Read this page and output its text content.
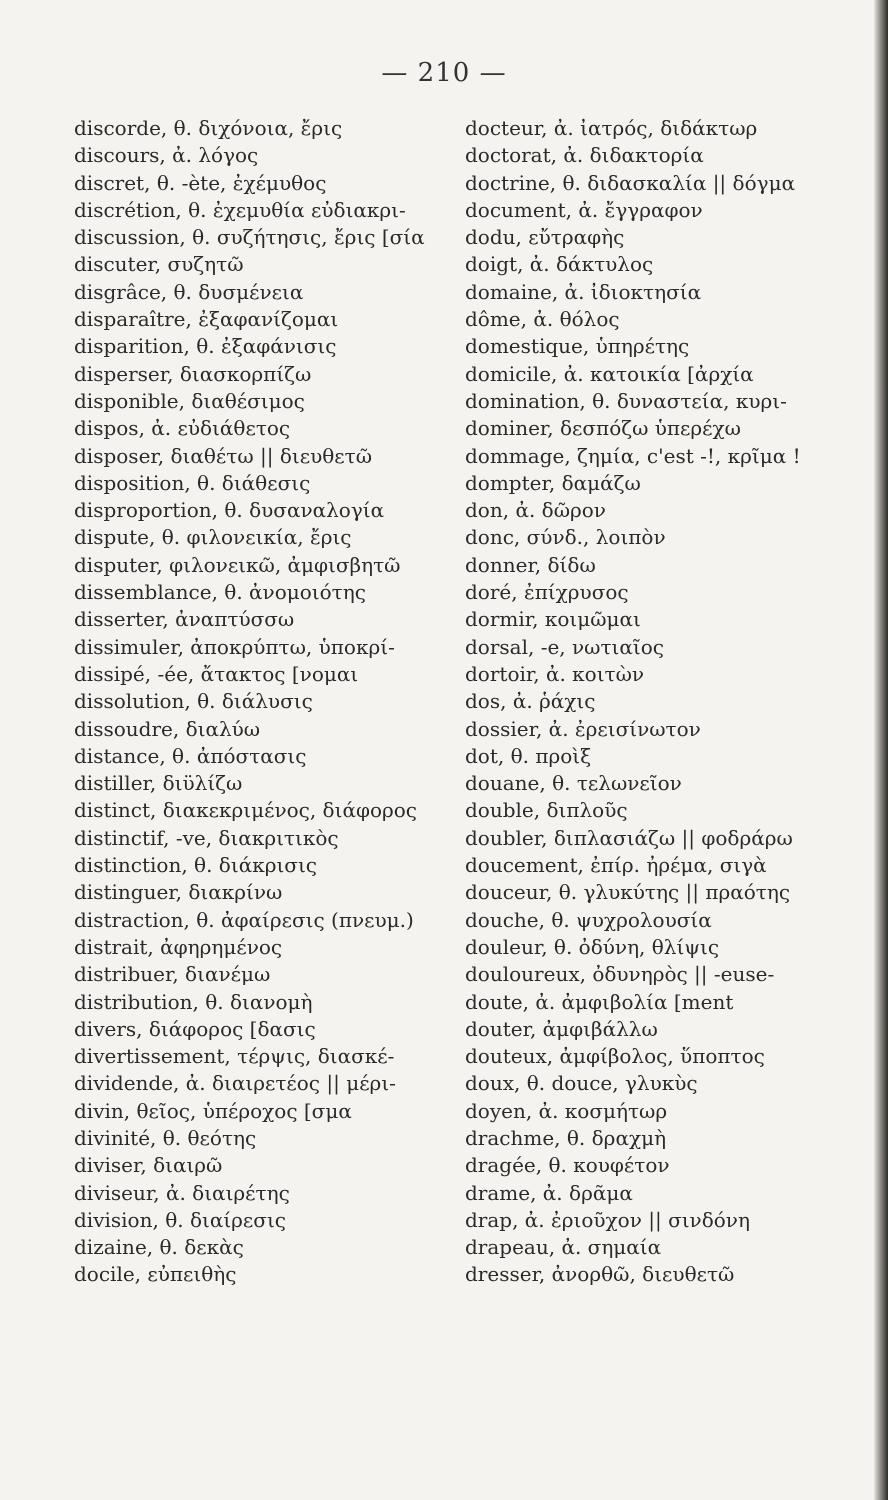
— 210 —
discorde, θ. διχόνοια, ἔρις
discours, ἀ. λόγος
discret, θ. -ète, ἐχέμυθος
discrétion, θ. ἐχεμυθία εὐδιακρι-
discussion, θ. συζήτησις, ἔρις [σία
discuter, συζητῶ
disgrâce, θ. δυσμένεια
disparaître, ἐξαφανίζομαι
disparition, θ. ἐξαφάνισις
disperser, διασκορπίζω
disponible, διαθέσιμος
dispos, ἀ. εὐδιάθετος
disposer, διαθέτω || διευθετῶ
disposition, θ. διάθεσις
disproportion, θ. δυσαναλογία
dispute, θ. φιλονεικία, ἔρις
disputer, φιλονεικῶ, ἀμφισβητῶ
dissemblance, θ. ἀνομοιότης
disserter, ἀναπτύσσω
dissimuler, ἀποκρύπτω, ὑποκρί-
dissipé, -ée, ἄτακτος [νομαι
dissolution, θ. διάλυσις
dissoudre, διαλύω
distance, θ. ἀπόστασις
distiller, διϋλίζω
distinct, διακεκριμένος, διάφορος
distinctif, -ve, διακριτικὸς
distinction, θ. διάκρισις
distinguer, διακρίνω
distraction, θ. ἀφαίρεσις (πνευμ.)
distrait, ἀφηρημένος
distribuer, διανέμω
distribution, θ. διανομὴ
divers, διάφορος [δασις
divertissement, τέρψις, διασκέ-
dividende, ἀ. διαιρετέος || μέρι-
divin, θεῖος, ὑπέροχος [σμα
divinité, θ. θεότης
diviser, διαιρῶ
diviseur, ἀ. διαιρέτης
division, θ. διαίρεσις
dizaine, θ. δεκὰς
docile, εὐπειθὴς
docteur, ἀ. ἰατρός, διδάκτωρ
doctorat, ἀ. διδακτορία
doctrine, θ. διδασκαλία || δόγμα
document, ἀ. ἔγγραφον
dodu, εὔτραφὴς
doigt, ἀ. δάκτυλος
domaine, ἀ. ἰδιοκτησία
dôme, ἀ. θόλος
domestique, ὑπηρέτης
domicile, ἀ. κατοικία [ἀρχία
domination, θ. δυναστεία, κυρι-
dominer, δεσπόζω ὑπερέχω
dommage, ζημία, c'est -!, κρῖμα !
dompter, δαμάζω
don, ἀ. δῶρον
donc, σύνδ., λοιπὸν
donner, δίδω
doré, ἐπίχρυσος
dormir, κοιμῶμαι
dorsal, -e, νωτιαῖος
dortoir, ἀ. κοιτὼν
dos, ἀ. ῥάχις
dossier, ἀ. ἐρεισίνωτον
dot, θ. προὶξ
douane, θ. τελωνεῖον
double, διπλοῦς
doubler, διπλασιάζω || φοδράρω
doucement, ἐπίρ. ἠρέμα, σιγὰ
douceur, θ. γλυκύτης || πραότης
douche, θ. ψυχρολουσία
douleur, θ. ὀδύνη, θλίψις
douloureux, ὀδυνηρὸς || -euse-
doute, ἀ. ἀμφιβολία [ment
douter, ἀμφιβάλλω
douteux, ἀμφίβολος, ὕποπτος
doux, θ. douce, γλυκὺς
doyen, ἀ. κοσμήτωρ
drachme, θ. δραχμὴ
dragée, θ. κουφέτον
drame, ἀ. δρᾶμα
drap, ἀ. ἐριοῦχον || σινδόνη
drapeau, ἀ. σημαία
dresser, ἀνορθῶ, διευθετῶ
